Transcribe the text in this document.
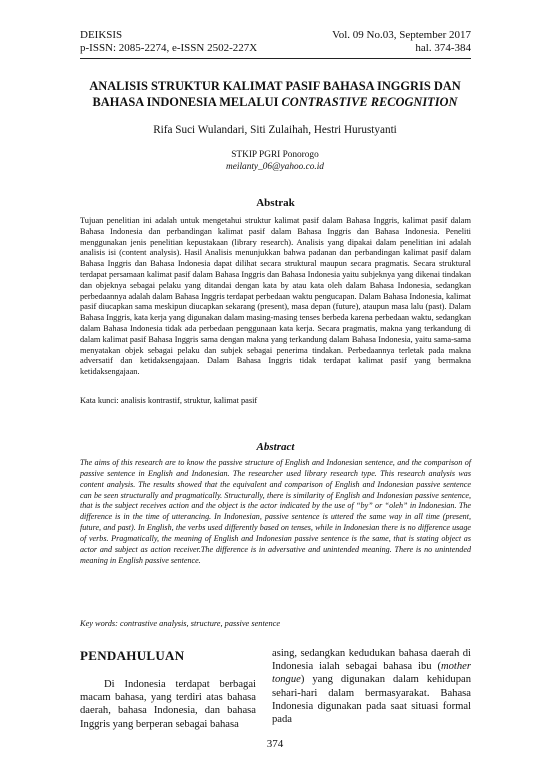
DEIKSIS	Vol. 09 No.03, September 2017
p-ISSN: 2085-2274, e-ISSN 2502-227X	hal. 374-384
ANALISIS STRUKTUR KALIMAT PASIF BAHASA INGGRIS DAN
BAHASA INDONESIA MELALUI CONTRASTIVE RECOGNITION
Rifa Suci Wulandari, Siti Zulaihah, Hestri Hurustyanti
STKIP PGRI Ponorogo
meilanty_06@yahoo.co.id
Abstrak

Tujuan penelitian ini adalah untuk mengetahui struktur kalimat pasif dalam Bahasa Inggris, kalimat pasif dalam Bahasa Indonesia dan perbandingan kalimat pasif dalam Bahasa Inggris dan Bahasa Indonesia. Peneliti menggunakan jenis penelitian kepustakaan (library research). Analisis yang dipakai dalam penelitian ini adalah analisis isi (content analysis). Hasil Analisis menunjukkan bahwa padanan dan perbandingan kalimat pasif dalam Bahasa Inggris dan Bahasa Indonesia dapat dilihat secara struktural maupun secara pragmatis. Secara struktural terdapat persamaan kalimat pasif dalam Bahasa Inggris dan Bahasa Indonesia yaitu subjeknya yang dikenai tindakan dan objeknya sebagai pelaku yang ditandai dengan kata by atau kata oleh dalam Bahasa Indonesia, sedangkan perbedaannya adalah dalam Bahasa Inggris terdapat perbedaan waktu pengucapan. Dalam Bahasa Indonesia, kalimat pasif diucapkan sama meskipun diucapkan sekarang (present), masa depan (future), ataupun masa lalu (past). Dalam Bahasa Inggris, kata kerja yang digunakan dalam masing-masing tenses berbeda karena perbedaan waktu, sedangkan dalam Bahasa Indonesia tidak ada perbedaan penggunaan kata kerja. Secara pragmatis, makna yang terkandung di dalam kalimat pasif Bahasa Inggris sama dengan makna yang terkandung dalam Bahasa Indonesia, yaitu sama-sama menyatakan objek sebagai pelaku dan subjek sebagai penerima tindakan. Perbedaannya terletak pada makna adversatif dan ketidaksengajaan. Dalam Bahasa Inggris tidak terdapat kalimat pasif yang bermakna ketidaksengajaan.

Kata kunci: analisis kontrastif, struktur, kalimat pasif
Abstract

The aims of this research are to know the passive structure of English and Indonesian sentence, and the comparison of passive sentence in English and Indonesian. The researcher used library research type. This research analysis was content analysis. The results showed that the equivalent and comparison of English and Indonesian passive sentence can be seen structurally and pragmatically. Structurally, there is similarity of English and Indonesian passive sentence, that is the subject receives action and the object is the actor indicated by the use of “by” or “oleh” in Indonesian. The difference is in the time of utterancing. In Indonesian, passive sentence is uttered the same way in all time (present, future, and past). In English, the verbs used differently based on tenses, while in Indonesian there is no difference usage of verbs. Pragmatically, the meaning of English and Indonesian passive sentence is the same, that is stating object as actor and subject as action receiver.The difference is in adversative and unintended meaning. There is no unintended meaning in English passive sentence.

Key words: contrastive analysis, structure, passive sentence
PENDAHULUAN

Di Indonesia terdapat berbagai macam bahasa, yang terdiri atas bahasa daerah, bahasa Indonesia, dan bahasa Inggris yang berperan sebagai bahasa

asing, sedangkan kedudukan bahasa daerah di Indonesia ialah sebagai bahasa ibu (mother tongue) yang digunakan dalam kehidupan sehari-hari dalam bermasyarakat. Bahasa Indonesia digunakan pada saat situasi formal pada

374
